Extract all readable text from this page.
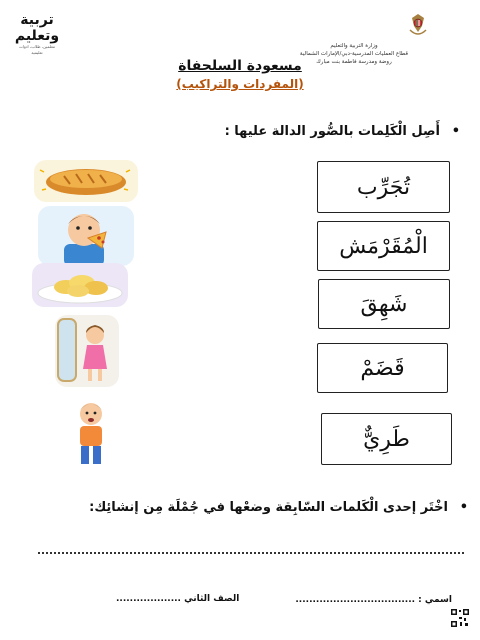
تربية
وتعليم
معلمين، طلاب، ادوات تعليمية
وزارة التربية والتعليم
قطاع العمليات المدرسية-دبي/الإمارات الشمالية
روضة ومدرسة فاطمة بنت مبارك
مسعودة السلحفاة
(المفردات والتراكيب)
•
أَصِل الْكَلِمات بالصُّور الدالة عليها :
تُجَرِّب
الْمُقَرْمَش
شَهِقَ
قَضَمْ
طَرِيٌّ
•
اخْتَر إحدى الْكَلمات السّابِقة وضعْها في جُمْلَة مِن إنشائِك:
اسمي : ...................................
الصف الثاني ...................
